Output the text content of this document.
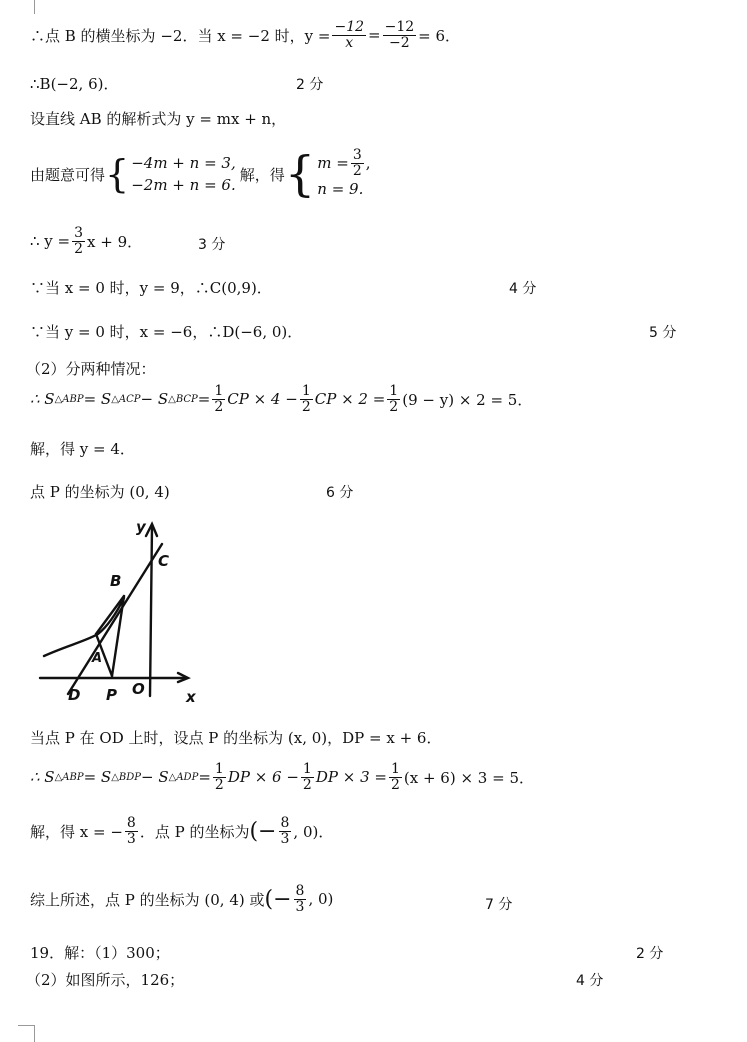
∴点 B 的横坐标为 −2．当 x = −2 时，$y = \frac{-12}{x} = \frac{-12}{-2} = 6$．
∴B(−2, 6)．	2 分
设直线 AB 的解析式为 y = mx + n，
由题意可得 { −4m + n = 3,
−2m + n = 6.
解，得 { $m = \frac{3}{2}$ ,
n = 9.
∴ $y = \frac{3}{2}$ x + 9．	3 分
∵当 x = 0 时，y = 9，∴C(0,9)．	4 分
∵当 y = 0 时，x = −6，∴D(−6, 0)．	5 分
（2）分两种情况：
∴ S △ABP = S △ACP − S △BCP = $\frac{1}{2}$ CP × $4 - \frac{1}{2}$ CP × $2 = \frac{1}{2} (9 - y) \times 2 = 5$．
解，得 y = 4．
点 P 的坐标为 (0, 4)	6 分
y
C
B
A
D P O	x
当点 P 在 OD 上时，设点 P 的坐标为 (x, 0)，DP = x + 6．
∴ S △ABP = S △BDP − S △ADP = $\frac{1}{2}$ DP × $6 - \frac{1}{2}$ DP × $3 = \frac{1}{2} (x + 6) \times 3 = 5$．
解，得 x = − $\frac{8}{3}$ ．点 P 的坐标为 (− $\frac{8}{3}$ , 0)．
综上所述，点 P 的坐标为 (0, 4) 或 (− $\frac{8}{3}$ , 0)	7 分
19．解：（1）300；	2 分
（2）如图所示，126；	4 分
